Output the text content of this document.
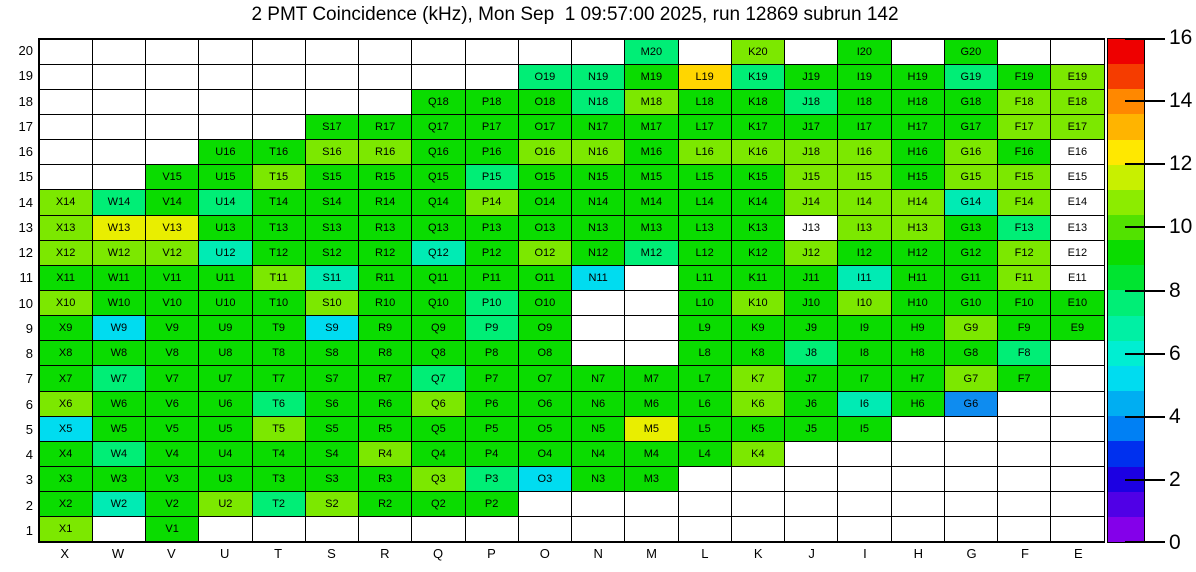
2 PMT Coincidence (kHz), Mon Sep  1 09:57:00 2025, run 12869 subrun 142
20
19
18
17
16
15
14
13
12
11
10
9
8
7
6
5
4
3
2
1
M20	K20	I20	G20
O19	N19	M19	L19	K19	J19	I19	H19	G19	F19	E19
Q18	P18	O18	N18	M18	L18	K18	J18	I18	H18	G18	F18	E18
S17	R17	Q17	P17	O17	N17	M17	L17	K17	J17	I17	H17	G17	F17	E17
U16	T16	S16	R16	Q16	P16	O16	N16	M16	L16	K16	J18	I16	H16	G16	F16	E16
V15	U15	T15	S15	R15	Q15	P15	O15	N15	M15	L15	K15	J15	I15	H15	G15	F15	E15
X14	W14	V14	U14	T14	S14	R14	Q14	P14	O14	N14	M14	L14	K14	J14	I14	H14	G14	F14	E14
X13	W13	V13	U13	T13	S13	R13	Q13	P13	O13	N13	M13	L13	K13	J13	I13	H13	G13	F13	E13
X12	W12	V12	U12	T12	S12	R12	Q12	P12	O12	N12	M12	L12	K12	J12	I12	H12	G12	F12	E12
X11	W11	V11	U11	T11	S11	R11	Q11	P11	O11	N11	L11	K11	J11	I11	H11	G11	F11	E11
X10	W10	V10	U10	T10	S10	R10	Q10	P10	O10	L10	K10	J10	I10	H10	G10	F10	E10
X9	W9	V9	U9	T9	S9	R9	Q9	P9	O9	L9	K9	J9	I9	H9	G9	F9	E9
X8	W8	V8	U8	T8	S8	R8	Q8	P8	O8	L8	K8	J8	I8	H8	G8	F8
X7	W7	V7	U7	T7	S7	R7	Q7	P7	O7	N7	M7	L7	K7	J7	I7	H7	G7	F7
X6	W6	V6	U6	T6	S6	R6	Q6	P6	O6	N6	M6	L6	K6	J6	I6	H6	G6
X5	W5	V5	U5	T5	S5	R5	Q5	P5	O5	N5	M5	L5	K5	J5	I5
X4	W4	V4	U4	T4	S4	R4	Q4	P4	O4	N4	M4	L4	K4
X3	W3	V3	U3	T3	S3	R3	Q3	P3	O3	N3	M3
X2	W2	V2	U2	T2	S2	R2	Q2	P2
X1	V1
X	W	V	U	T	S	R	Q	P	O	N	M	L	K	J	I	H	G	F	E	0
2
4
6
8
10
12
14
16
